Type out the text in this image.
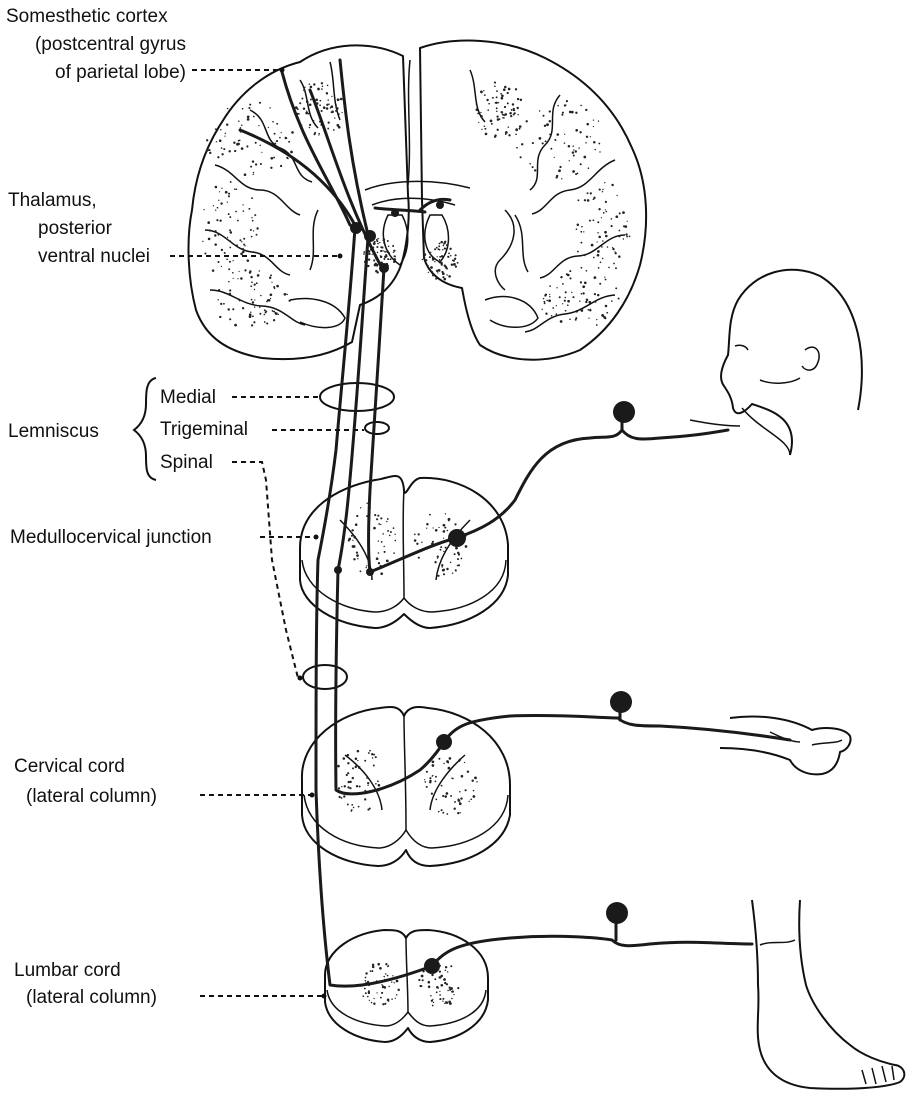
Somesthetic cortex
(postcentral gyrus
of parietal lobe)
Thalamus,
posterior
ventral nuclei
Lemniscus
Medial
Trigeminal
Spinal
Medullocervical junction
Cervical cord
(lateral column)
Lumbar cord
(lateral column)
